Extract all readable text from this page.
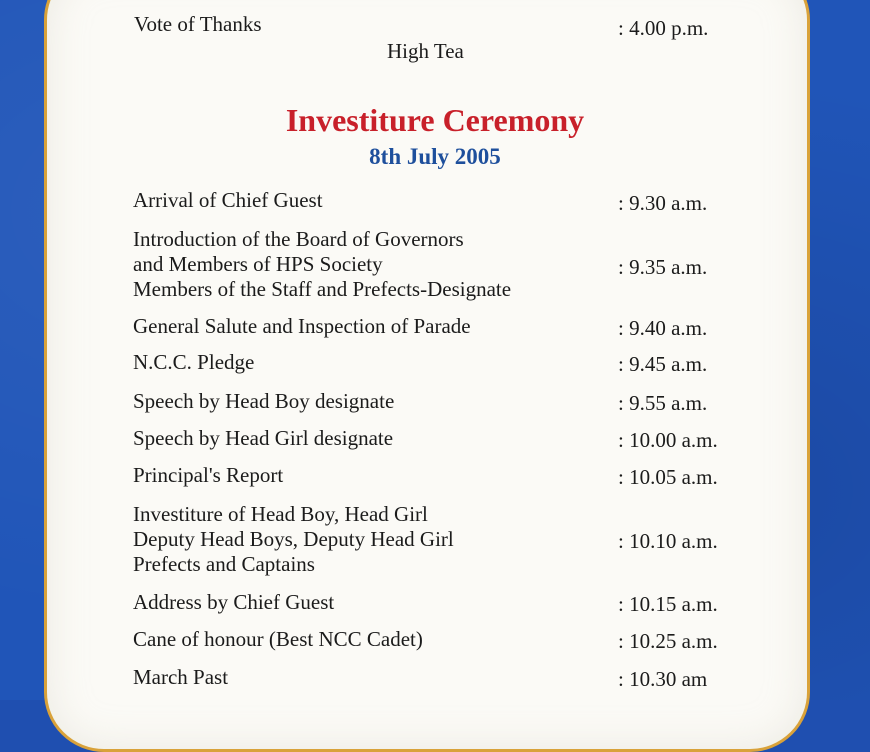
Vote of Thanks	: 4.00 p.m.
High Tea
Investiture Ceremony
8th July 2005
Arrival of Chief Guest	: 9.30 a.m.
Introduction of the Board of Governors
and Members of HPS Society
Members of the Staff and Prefects-Designate
: 9.35 a.m.
General Salute and Inspection of Parade	: 9.40 a.m.
N.C.C. Pledge	: 9.45 a.m.
Speech by Head Boy designate	: 9.55 a.m.
Speech by Head Girl designate	: 10.00 a.m.
Principal's Report	: 10.05 a.m.
Investiture of Head Boy, Head Girl
Deputy Head Boys, Deputy Head Girl
Prefects and Captains
: 10.10 a.m.
Address by Chief Guest	: 10.15 a.m.
Cane of honour (Best NCC Cadet)	: 10.25 a.m.
March Past	: 10.30 am
